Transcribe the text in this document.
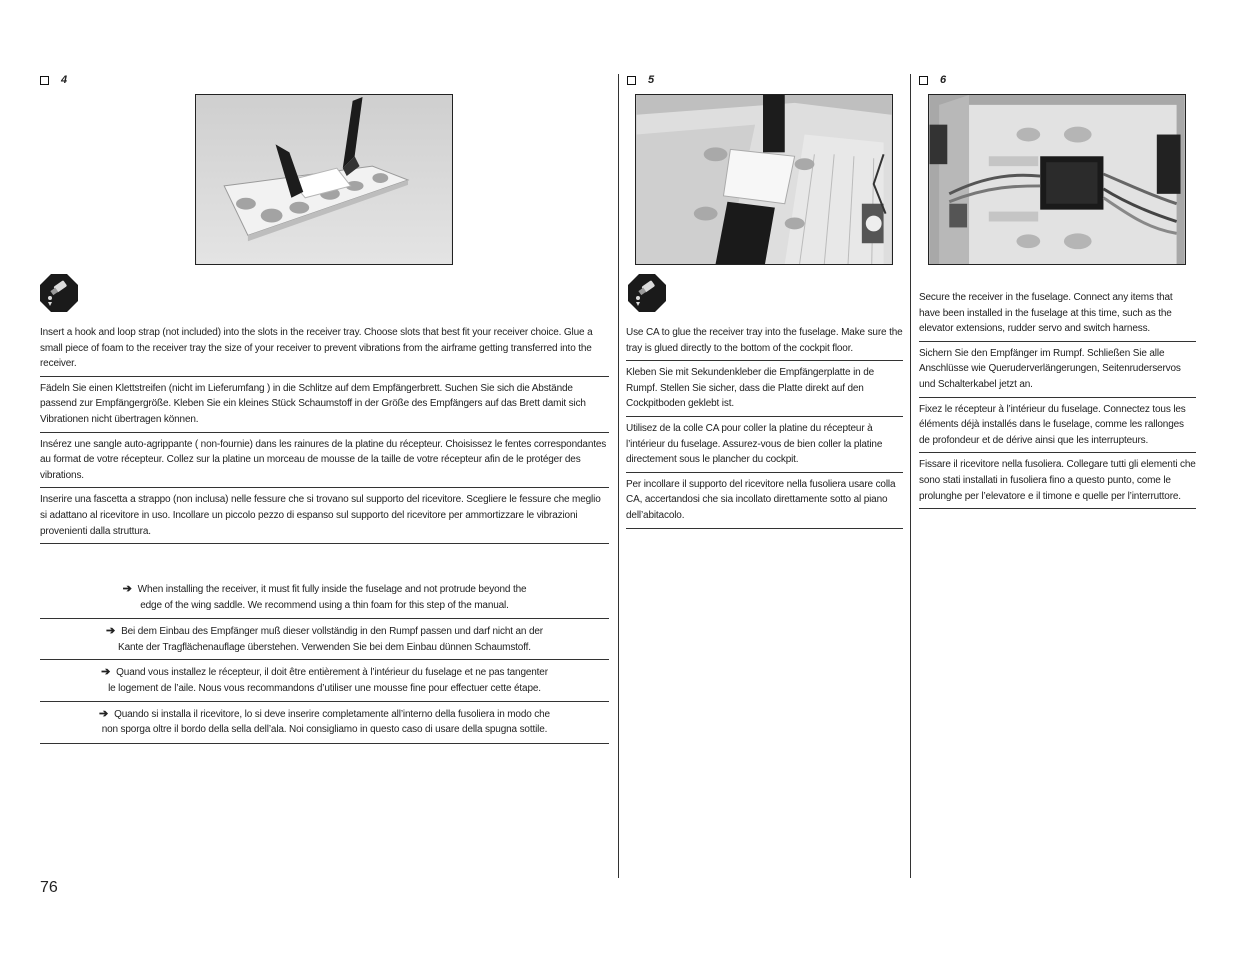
4

Insert a hook and loop strap (not included) into the slots in the receiver tray. Choose slots that best fit your receiver choice. Glue a small piece of foam to the receiver tray the size of your receiver to prevent vibrations from the airframe getting transferred into the receiver.

Fädeln Sie einen Klettstreifen (nicht im Lieferumfang ) in die Schlitze auf dem Empfängerbrett. Suchen Sie sich die Abstände passend zur Empfängergröße. Kleben Sie ein kleines Stück Schaumstoff in der Größe des Empfängers auf das Brett damit sich Vibrationen nicht übertragen können.

Insérez une sangle auto-agrippante ( non-fournie) dans les rainures de la platine du récepteur. Choisissez le fentes correspondantes au format de votre récepteur. Collez sur la platine un morceau de mousse de la taille de votre récepteur afin de le protéger des vibrations.

Inserire una fascetta a strappo (non inclusa) nelle fessure che si trovano sul supporto del ricevitore. Scegliere le fessure che meglio si adattano al ricevitore in uso. Incollare un piccolo pezzo di espanso sul supporto del ricevitore per ammortizzare le vibrazioni provenienti dalla struttura.

➔ When installing the receiver, it must fit fully inside the fuselage and not protrude beyond the
edge of the wing saddle. We recommend using a thin foam for this step of the manual.
➔ Bei dem Einbau des Empfänger muß dieser vollständig in den Rumpf passen und darf nicht an der
Kante der Tragflächenauflage überstehen. Verwenden Sie bei dem Einbau dünnen Schaumstoff.
➔ Quand vous installez le récepteur, il doit être entièrement à l’intérieur du fuselage et ne pas tangenter
le logement de l’aile. Nous vous recommandons d’utiliser une mousse fine pour effectuer cette étape.
➔ Quando si installa il ricevitore, lo si deve inserire completamente all’interno della fusoliera in modo che
non sporga oltre il bordo della sella dell’ala. Noi consigliamo in questo caso di usare della spugna sottile.
5

Use CA to glue the receiver tray into the fuselage. Make sure the tray is glued directly to the bottom of the cockpit floor.

Kleben Sie mit Sekundenkleber die Empfängerplatte in de Rumpf. Stellen Sie sicher, dass die Platte direkt auf den Cockpitboden geklebt ist.

Utilisez de la colle CA pour coller la platine du récepteur à l’intérieur du fuselage. Assurez-vous de bien coller la platine directement sous le plancher du cockpit.

Per incollare il supporto del ricevitore nella fusoliera usare colla CA, accertandosi che sia incollato direttamente sotto al piano dell’abitacolo.

6

Secure the receiver in the fuselage. Connect any items that have been installed in the fuselage at this time, such as the elevator extensions, rudder servo and switch harness.

Sichern Sie den Empfänger im Rumpf. Schließen Sie alle Anschlüsse wie Queruderverlängerungen, Seitenruderservos und Schalterkabel jetzt an.

Fixez le récepteur à l’intérieur du fuselage. Connectez tous les éléments déjà installés dans le fuselage, comme les rallonges de profondeur et de dérive ainsi que les interrupteurs.

Fissare il ricevitore nella fusoliera. Collegare tutti gli elementi che sono stati installati in fusoliera fino a questo punto, come le prolunghe per l’elevatore e il timone e quelle per l’interruttore.

76
